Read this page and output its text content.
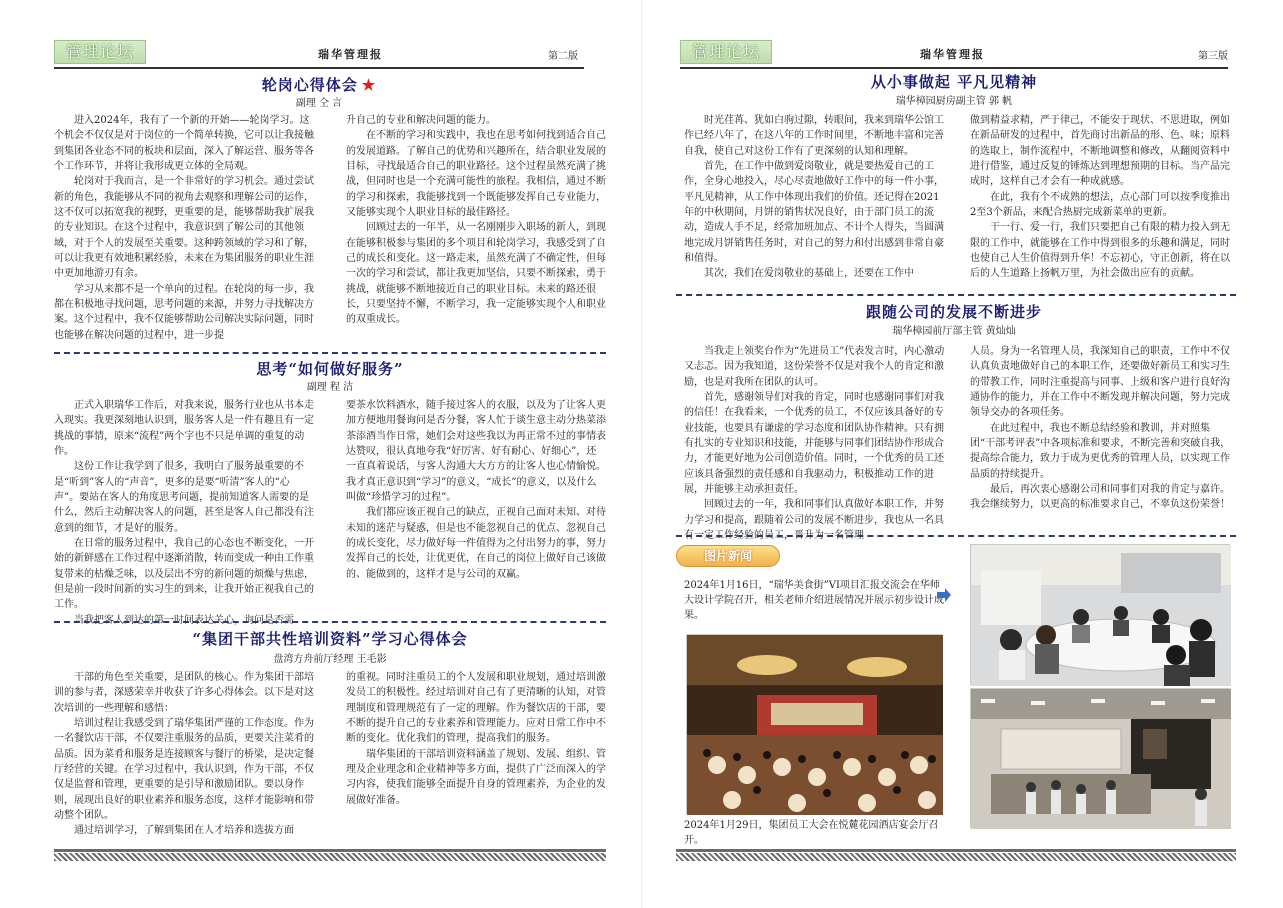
管理论坛	瑞华管理报	第二版
轮岗心得体会 ★
副理 仝 言

进入2024年，我有了一个新的开始——轮岗学习。这个机会不仅仅是对于岗位的一个简单转换，它可以让我接触到集团各业态不同的板块和层面，深入了解运营、服务等各个工作环节，并将让我形成更立体的全局观。

轮岗对于我而言，是一个非常好的学习机会。通过尝试新的角色，我能够从不同的视角去观察和理解公司的运作，这不仅可以拓宽我的视野，更重要的是，能够帮助我扩展我的专业知识。在这个过程中，我意识到了解公司的其他领域，对于个人的发展至关重要。这种跨领域的学习和了解，可以让我更有效地积累经验，未来在为集团服务的职业生涯中更加地游刃有余。

学习从来都不是一个单向的过程。在轮岗的每一步，我都在积极地寻找问题，思考问题的来源，并努力寻找解决方案。这个过程中，我不仅能够帮助公司解决实际问题，同时也能够在解决问题的过程中，进一步提

升自己的专业和解决问题的能力。

在不断的学习和实践中，我也在思考如何找到适合自己的发展道路。了解自己的优势和兴趣所在，结合职业发展的目标，寻找最适合自己的职业路径。这个过程虽然充满了挑战，但同时也是一个充满可能性的旅程。我相信，通过不断的学习和探索，我能够找到一个既能够发挥自己专业能力，又能够实现个人职业目标的最佳路径。

回顾过去的一年半，从一名刚刚步入职场的新人，到现在能够积极参与集团的多个项目和轮岗学习，我感受到了自己的成长和变化。这一路走来，虽然充满了不确定性，但每一次的学习和尝试，都让我更加坚信，只要不断探索，勇于挑战，就能够不断地接近自己的职业目标。未来的路还很长，只要坚持不懈，不断学习，我一定能够实现个人和职业的双重成长。

思考“如何做好服务”
副理 程 洁

正式入职瑞华工作后，对我来说，服务行业也从书本走入现实。我更深刻地认识到，服务客人是一件有趣且有一定挑战的事情，原来“流程”两个字也不只是单调的重复的动作。

这份工作让我学到了很多，我明白了服务最重要的不是“听到”客人的“声音”，更多的是要“听清”客人的“心声”。要站在客人的角度思考问题，提前知道客人需要的是什么，然后主动解决客人的问题，甚至是客人自己都没有注意到的细节，才是好的服务。

在日常的服务过程中，我自己的心态也不断变化，一开始的新鲜感在工作过程中逐渐消散，转而变成一种由工作重复带来的枯燥乏味，以及层出不穷的新问题的烦燥与焦虑，但是前一段时间新的实习生的到来，让我开始正视我自己的工作。

当我把客人到达的第一时间表达关心，询问是否需

要茶水饮料酒水，随手接过客人的衣服，以及为了让客人更加方便地用餐询问是否分餐，客人忙于谈生意主动分热菜添茶添酒当作日常，她们会对这些我以为再正常不过的事情表达赞叹，很认真地夸我“好厉害、好有耐心、好细心”，还一直真着说话，与客人沟通大大方方的让客人也心情愉悦。我才真正意识到“学习”的意义，“成长”的意义，以及什么叫做“珍惜学习的过程”。

我们都应该正视自己的缺点，正视自己面对未知、对待未知的迷茫与疑惑，但是也不能忽视自己的优点、忽视自己的成长变化，尽力做好每一件值得为之付出努力的事，努力发挥自己的长处，让优更优，在自己的岗位上做好自己该做的、能做到的，这样才是与公司的双赢。

“集团干部共性培训资料”学习心得体会
盘湾方舟前厅经理 王毛影

干部的角色至关重要，是团队的核心。作为集团干部培训的参与者，深感荣幸并收获了许多心得体会。以下是对这次培训的一些理解和感悟：

培训过程让我感受到了瑞华集团严谨的工作态度。作为一名餐饮店干部，不仅要注重服务的品质，更要关注菜肴的品质。因为菜肴和服务是连接顾客与餐厅的桥梁，是决定餐厅经营的关键。在学习过程中，我认识到，作为干部，不仅仅是监督和管理，更重要的是引导和激励团队。要以身作则，展现出良好的职业素养和服务态度，这样才能影响和带动整个团队。

通过培训学习，了解到集团在人才培养和选拔方面

的重视。同时注重员工的个人发展和职业规划，通过培训激发员工的积极性。经过培训对自己有了更清晰的认知，对管理制度和管理规范有了一定的理解。作为餐饮店的干部，要不断的提升自己的专业素养和管理能力。应对日常工作中不断的变化。优化我们的管理，提高我们的服务。

瑞华集团的干部培训资料涵盖了规划、发展、组织、管理及企业理念和企业精神等多方面，提供了广泛而深入的学习内容，使我们能够全面提升自身的管理素养，为企业的发展做好准备。

管理论坛	瑞华管理报	第三版
从小事做起 平凡见精神
瑞华樟园厨房副主管 郭 帆

时光荏苒、犹如白驹过隙，转眼间，我来到瑞华公馆工作已经八年了，在这八年的工作时间里，不断地丰富和完善自我，使自己对这份工作有了更深刻的认知和理解。

首先，在工作中做到爱岗敬业，就是要热爱自己的工作，全身心地投入，尽心尽责地做好工作中的每一件小事，平凡见精神，从工作中体现出我们的价值。还记得在2021年的中秋期间，月饼的销售状况良好，由于部门员工的流动，造成人手不足，经常加班加点、不计个人得失，当圆满地完成月饼销售任务时，对自己的努力和付出感到非常自豪和值得。

其次，我们在爱岗敬业的基础上，还要在工作中

做到精益求精，严于律己，不能安于现状、不思进取，例如在新品研发的过程中，首先商讨出新品的形、色、味；原料的选取上，制作流程中，不断地调整和修改，从翻阅资料中进行借鉴，通过反复的锤炼达到理想预期的目标。当产品完成时，这样自己才会有一种成就感。

在此，我有个不成熟的想法，点心部门可以按季度推出2至3个新品，来配合热厨完成新菜单的更新。

干一行、爱一行，我们只要把自己有限的精力投入到无限的工作中，就能够在工作中得到很多的乐趣和满足，同时也使自己人生价值得到升华！不忘初心，守正创新，将在以后的人生道路上扬帆万里，为社会做出应有的贡献。

跟随公司的发展不断进步
瑞华樟园前厅部主管 黄灿灿

当我走上领奖台作为“先进员工”代表发言时，内心激动又忐忑。因为我知道，这份荣誉不仅是对我个人的肯定和激励，也是对我所在团队的认可。

首先，感谢领导们对我的肯定，同时也感谢同事们对我的信任！在我看来，一个优秀的员工，不仅应该具备好的专业技能，也要具有谦虚的学习态度和团队协作精神。只有拥有扎实的专业知识和技能，并能够与同事们团结协作形成合力，才能更好地为公司创造价值。同时，一个优秀的员工还应该具备强烈的责任感和自我驱动力，积极推动工作的进展，并能够主动承担责任。

回顾过去的一年，我和同事们认真做好本职工作，并努力学习和提高，跟随着公司的发展不断进步，我也从一名具有一定工作经验的员工，晋升为一名管理

人员。身为一名管理人员，我深知自己的职责，工作中不仅认真负责地做好自己的本职工作，还要做好新员工和实习生的带教工作，同时注重提高与同事、上级和客户进行良好沟通协作的能力，并在工作中不断发现并解决问题，努力完成领导交办的各项任务。

在此过程中，我也不断总结经验和教训，并对照集团“干部考评表”中各项标准和要求，不断完善和突破自我，提高综合能力，致力于成为更优秀的管理人员，以实现工作品质的持续提升。

最后，再次衷心感谢公司和同事们对我的肯定与嘉许。我会继续努力，以更高的标准要求自己，不辜负这份荣誉！

图片新闻
2024年1月16日，“瑞华美食街”VI项目汇报交流会在华师大设计学院召开，相关老师介绍进展情况并展示初步设计成果。
2024年1月29日，集团员工大会在悦麓花园酒店宴会厅召开。
